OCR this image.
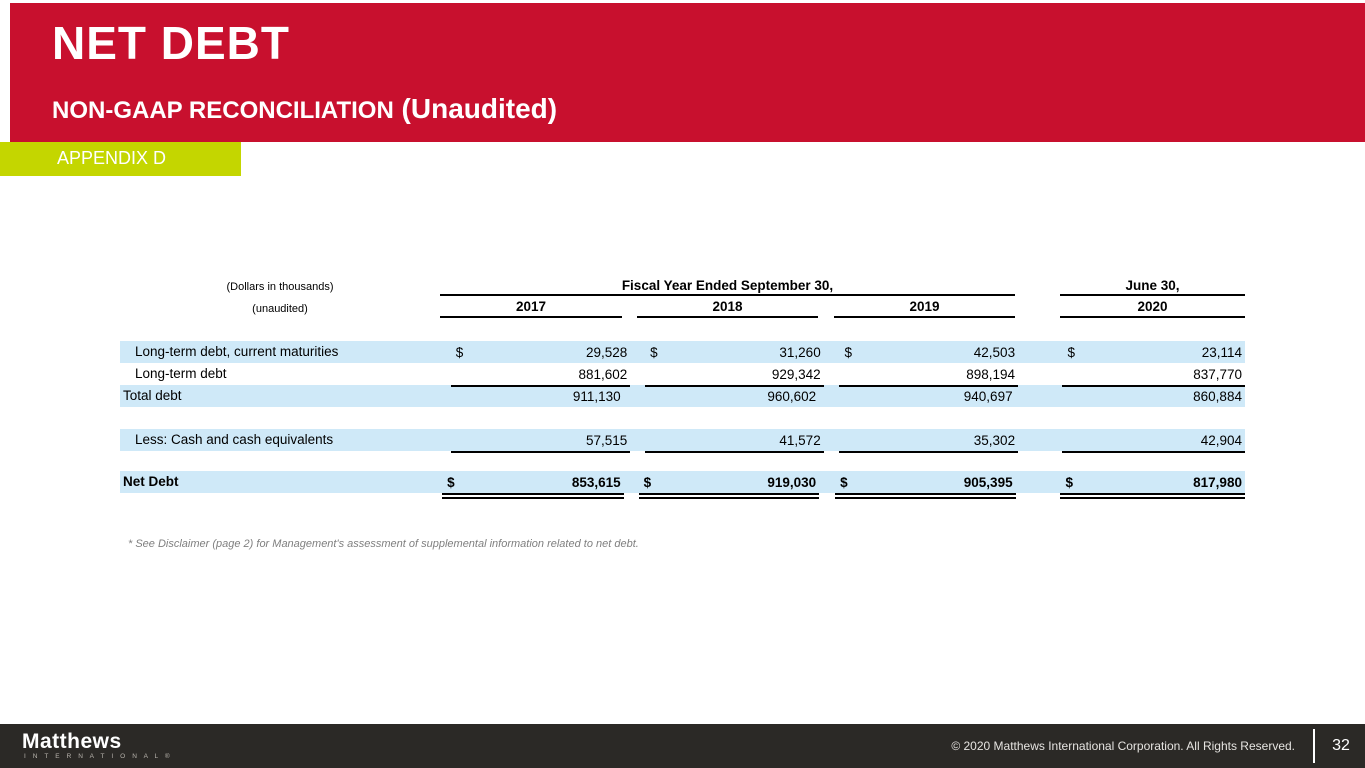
NET DEBT
NON-GAAP RECONCILIATION (Unaudited)
APPENDIX D
(Dollars in thousands)	Fiscal Year Ended September 30,	June 30,
(unaudited)	2017	2018	2019	2020
Long-term debt, current maturities	$	29,528 $	31,260 $	42,503	$	23,114
Long-term debt	881,602	929,342	898,194	837,770
Total debt	911,130	960,602	940,697	860,884
Less: Cash and cash equivalents	57,515	41,572	35,302	42,904
Net Debt	$	853,615 $	919,030 $	905,395	$	817,980
* See Disclaimer (page 2) for Management's assessment of supplemental information related to net debt.
Matthews
I N T E R N A T I O N A L ®
© 2020 Matthews International Corporation. All Rights Reserved. 32
